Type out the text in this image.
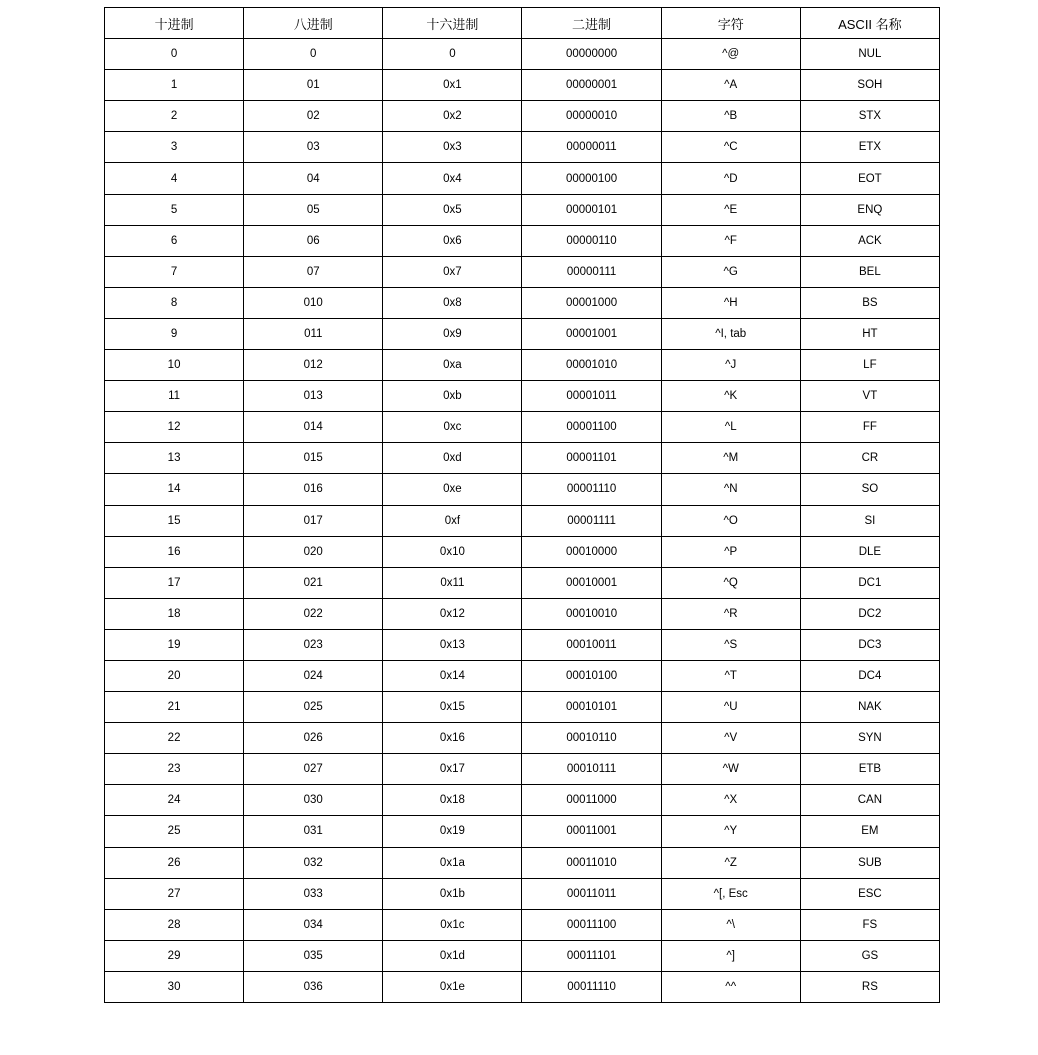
十进制	八进制	十六进制	二进制	字符	ASCII 名称
0	0	0	00000000	^@	NUL
1	01	0x1	00000001	^A	SOH
2	02	0x2	00000010	^B	STX
3	03	0x3	00000011	^C	ETX
4	04	0x4	00000100	^D	EOT
5	05	0x5	00000101	^E	ENQ
6	06	0x6	00000110	^F	ACK
7	07	0x7	00000111	^G	BEL
8	010	0x8	00001000	^H	BS
9	011	0x9	00001001	^I, tab	HT
10	012	0xa	00001010	^J	LF
11	013	0xb	00001011	^K	VT
12	014	0xc	00001100	^L	FF
13	015	0xd	00001101	^M	CR
14	016	0xe	00001110	^N	SO
15	017	0xf	00001111	^O	SI
16	020	0x10	00010000	^P	DLE
17	021	0x11	00010001	^Q	DC1
18	022	0x12	00010010	^R	DC2
19	023	0x13	00010011	^S	DC3
20	024	0x14	00010100	^T	DC4
21	025	0x15	00010101	^U	NAK
22	026	0x16	00010110	^V	SYN
23	027	0x17	00010111	^W	ETB
24	030	0x18	00011000	^X	CAN
25	031	0x19	00011001	^Y	EM
26	032	0x1a	00011010	^Z	SUB
27	033	0x1b	00011011	^[, Esc	ESC
28	034	0x1c	00011100	^\	FS
29	035	0x1d	00011101	^]	GS
30	036	0x1e	00011110	^^	RS
